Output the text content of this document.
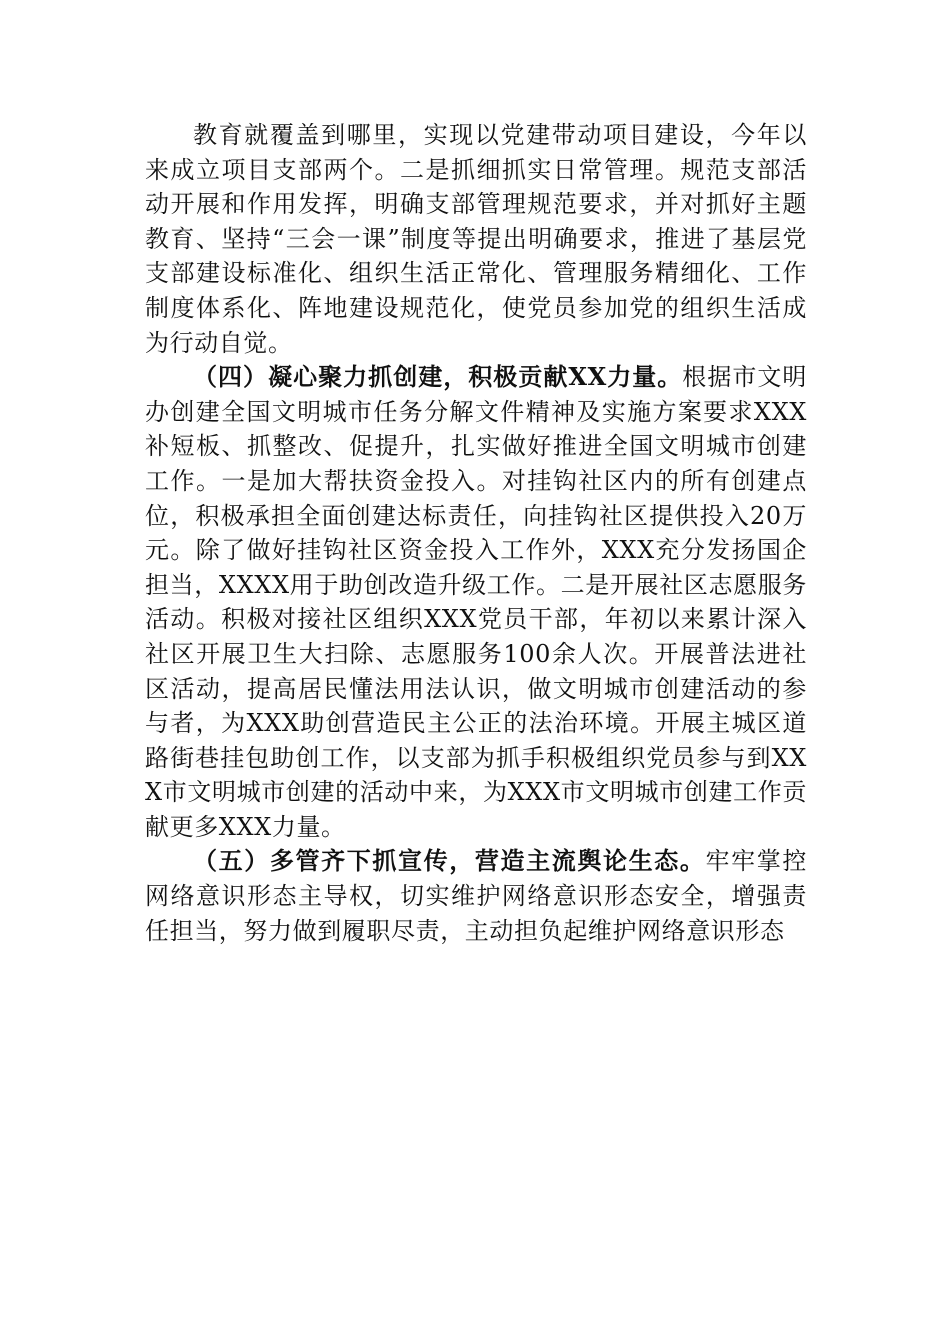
教育就覆盖到哪里，实现以党建带动项目建设，今年以来成立项目支部两个。二是抓细抓实日常管理。规范支部活动开展和作用发挥，明确支部管理规范要求，并对抓好主题教育、坚持“三会一课”制度等提出明确要求，推进了基层党支部建设标准化、组织生活正常化、管理服务精细化、工作制度体系化、阵地建设规范化，使党员参加党的组织生活成为行动自觉。

（四）凝心聚力抓创建，积极贡献XX力量。根据市文明办创建全国文明城市任务分解文件精神及实施方案要求XXX补短板、抓整改、促提升，扎实做好推进全国文明城市创建工作。一是加大帮扶资金投入。对挂钩社区内的所有创建点位，积极承担全面创建达标责任，向挂钩社区提供投入20万元。除了做好挂钩社区资金投入工作外，XXX充分发扬国企担当，XXXX用于助创改造升级工作。二是开展社区志愿服务活动。积极对接社区组织XXX党员干部，年初以来累计深入社区开展卫生大扫除、志愿服务100余人次。开展普法进社区活动，提高居民懂法用法认识，做文明城市创建活动的参与者，为XXX助创营造民主公正的法治环境。开展主城区道路街巷挂包助创工作，以支部为抓手积极组织党员参与到XXX市文明城市创建的活动中来，为XXX市文明城市创建工作贡献更多XXX力量。

（五）多管齐下抓宣传，营造主流舆论生态。牢牢掌控网络意识形态主导权，切实维护网络意识形态安全，增强责任担当，努力做到履职尽责，主动担负起维护网络意识形态
